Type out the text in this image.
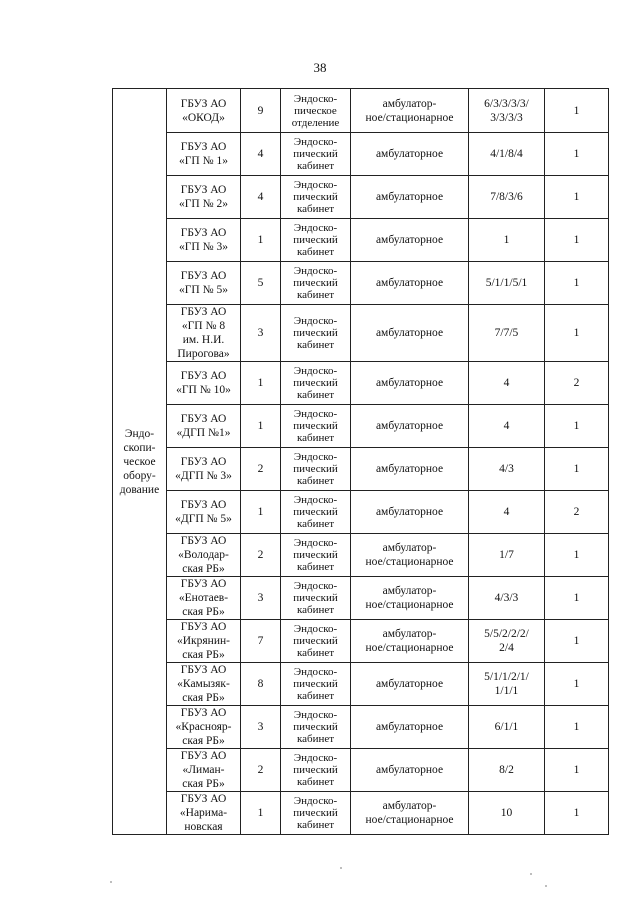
38
Эндо-
скопи-
ческое
обору-
дование	ГБУЗ АО
«ОКОД»	9	Эндоско-
пическое
отделение	амбулатор-
ное/стационарное	6/3/3/3/3/
3/3/3/3	1
	ГБУЗ АО
«ГП № 1»	4	Эндоско-
пический
кабинет	амбулаторное	4/1/8/4	1
	ГБУЗ АО
«ГП № 2»	4	Эндоско-
пический
кабинет	амбулаторное	7/8/3/6	1
	ГБУЗ АО
«ГП № 3»	1	Эндоско-
пический
кабинет	амбулаторное	1	1
	ГБУЗ АО
«ГП № 5»	5	Эндоско-
пический
кабинет	амбулаторное	5/1/1/5/1	1
	ГБУЗ АО
«ГП № 8
им. Н.И.
Пирогова»	3	Эндоско-
пический
кабинет	амбулаторное	7/7/5	1
	ГБУЗ АО
«ГП № 10»	1	Эндоско-
пический
кабинет	амбулаторное	4	2
	ГБУЗ АО
«ДГП №1»	1	Эндоско-
пический
кабинет	амбулаторное	4	1
	ГБУЗ АО
«ДГП № 3»	2	Эндоско-
пический
кабинет	амбулаторное	4/3	1
	ГБУЗ АО
«ДГП № 5»	1	Эндоско-
пический
кабинет	амбулаторное	4	2
	ГБУЗ АО
«Володар-
ская РБ»	2	Эндоско-
пический
кабинет	амбулатор-
ное/стационарное	1/7	1
	ГБУЗ АО
«Енотаев-
ская РБ»	3	Эндоско-
пический
кабинет	амбулатор-
ное/стационарное	4/3/3	1
	ГБУЗ АО
«Икрянин-
ская РБ»	7	Эндоско-
пический
кабинет	амбулатор-
ное/стационарное	5/5/2/2/2/
2/4	1
	ГБУЗ АО
«Камызяк-
ская РБ»	8	Эндоско-
пический
кабинет	амбулаторное	5/1/1/2/1/
1/1/1	1
	ГБУЗ АО
«Краснояр-
ская РБ»	3	Эндоско-
пический
кабинет	амбулаторное	6/1/1	1
	ГБУЗ АО
«Лиман-
ская РБ»	2	Эндоско-
пический
кабинет	амбулаторное	8/2	1
	ГБУЗ АО
«Нарима-
новская	1	Эндоско-
пический
кабинет	амбулатор-
ное/стационарное	10	1
